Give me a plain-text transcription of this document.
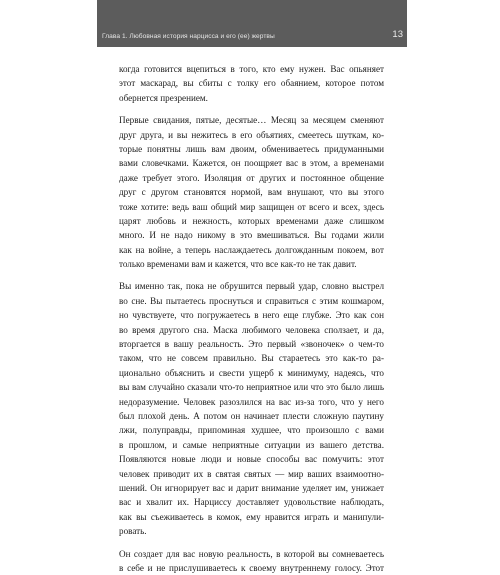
Глава 1. Любовная история нарцисса и его (ее) жертвы	13
когда готовится вцепиться в того, кто ему нужен. Вас опьяняет
этот маскарад, вы сбиты с толку его обаянием, которое потом
обернется презрением.
Первые свидания, пятые, десятые… Месяц за месяцем сменяют
друг друга, и вы нежитесь в его объятиях, смеетесь шуткам, ко-
торые понятны лишь вам двоим, обмениваетесь придуманными
вами словечками. Кажется, он поощряет вас в этом, а временами
даже требует этого. Изоляция от других и постоянное общение
друг с другом становятся нормой, вам внушают, что вы этого
тоже хотите: ведь ваш общий мир защищен от всего и всех, здесь
царят любовь и нежность, которых временами даже слишком
много. И не надо никому в это вмешиваться. Вы годами жили
как на войне, а теперь наслаждаетесь долгожданным покоем, вот
только временами вам и кажется, что все как-то не так давит.
Вы именно так, пока не обрушится первый удар, словно выстрел
во сне. Вы пытаетесь проснуться и справиться с этим кошмаром,
но чувствуете, что погружаетесь в него еще глубже. Это как сон
во время другого сна. Маска любимого человека сползает, и да,
вторгается в вашу реальность. Это первый «звоночек» о чем-то
таком, что не совсем правильно. Вы стараетесь это как-то ра-
ционально объяснить и свести ущерб к минимуму, надеясь, что
вы вам случайно сказали что-то неприятное или что это было лишь
недоразумение. Человек разозлился на вас из-за того, что у него
был плохой день. А потом он начинает плести сложную паутину
лжи, полуправды, припоминая худшее, что произошло с вами
в прошлом, и самые неприятные ситуации из вашего детства.
Появляются новые люди и новые способы вас помучить: этот
человек приводит их в святая святых — мир ваших взаимоотно-
шений. Он игнорирует вас и дарит внимание уделяет им, унижает
вас и хвалит их. Нарциссу доставляет удовольствие наблюдать,
как вы съеживаетесь в комок, ему нравится играть и манипули-
ровать.
Он создает для вас новую реальность, в которой вы сомневаетесь
в себе и не прислушиваетесь к своему внутреннему голосу. Этот
